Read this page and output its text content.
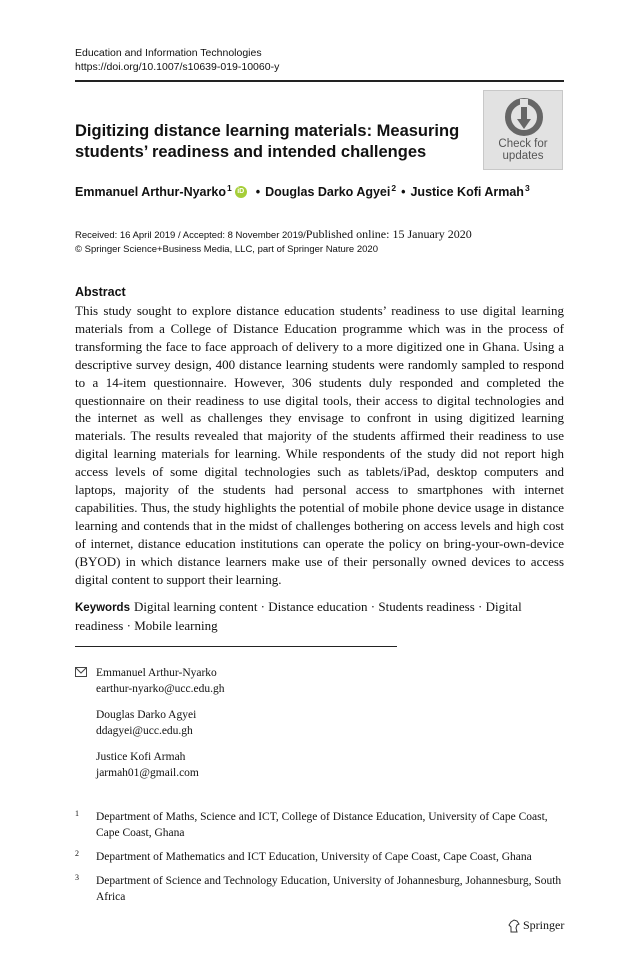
Education and Information Technologies
https://doi.org/10.1007/s10639-019-10060-y
Digitizing distance learning materials: Measuring students’ readiness and intended challenges	Check for
updates
Emmanuel Arthur-Nyarko$^1$ iD • Douglas Darko Agyei$^2$ • Justice Kofi Armah$^3$
Received: 16 April 2019 / Accepted: 8 November 2019/Published online: 15 January 2020
© Springer Science+Business Media, LLC, part of Springer Nature 2020
Abstract
This study sought to explore distance education students’ readiness to use digital learning materials from a College of Distance Education programme which was in the process of transforming the face to face approach of delivery to a more digitized one in Ghana. Using a descriptive survey design, 400 distance learning students were randomly sampled to respond to a 14-item questionnaire. However, 306 students duly responded and completed the questionnaire on their readiness to use digital tools, their access to digital technologies and the internet as well as challenges they envisage to confront in using digitized learning materials. The results revealed that majority of the students affirmed their readiness to use digital learning materials for learning. While respondents of the study did not report high access levels of some digital technologies such as tablets/iPad, desktop computers and laptops, majority of the students had personal access to smartphones with internet capabilities. Thus, the study highlights the potential of mobile phone device usage in distance learning and contends that in the midst of challenges bothering on access levels and high cost of internet, distance education institutions can operate the policy on bring-your-own-device (BYOD) in which distance learners make use of their personally owned devices to access digital content to support their learning.
Keywords Digital learning content · Distance education · Students readiness · Digital readiness · Mobile learning
Emmanuel Arthur-Nyarko
earthur-nyarko@ucc.edu.gh
Douglas Darko Agyei
ddagyei@ucc.edu.gh
Justice Kofi Armah
jarmah01@gmail.com
1 Department of Maths, Science and ICT, College of Distance Education, University of Cape Coast, Cape Coast, Ghana
2 Department of Mathematics and ICT Education, University of Cape Coast, Cape Coast, Ghana
3 Department of Science and Technology Education, University of Johannesburg, Johannesburg, South Africa
Springer
